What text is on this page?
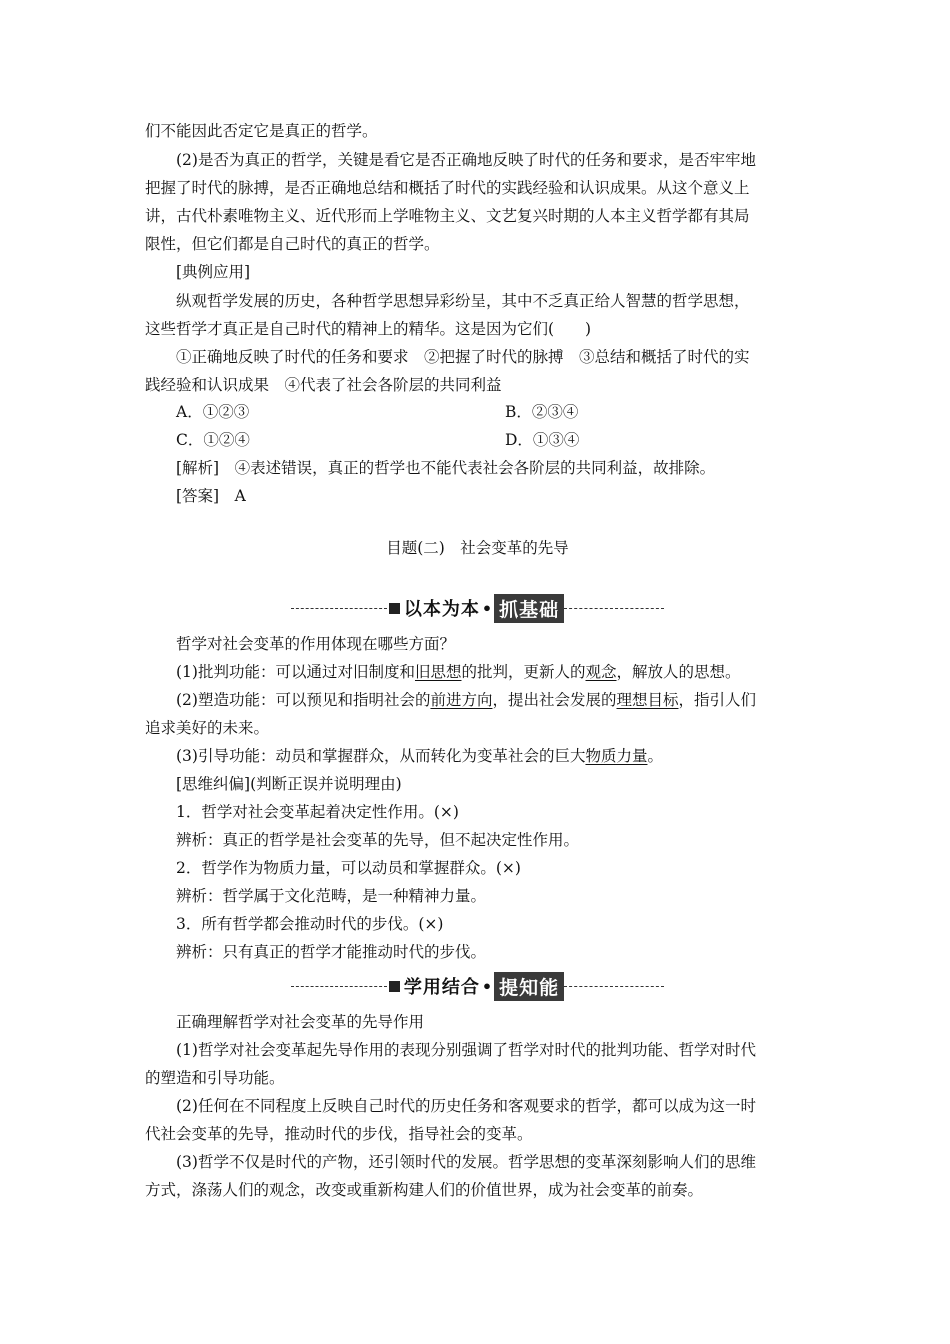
们不能因此否定它是真正的哲学。
(2)是否为真正的哲学，关键是看它是否正确地反映了时代的任务和要求，是否牢牢地
把握了时代的脉搏，是否正确地总结和概括了时代的实践经验和认识成果。从这个意义上
讲，古代朴素唯物主义、近代形而上学唯物主义、文艺复兴时期的人本主义哲学都有其局
限性，但它们都是自己时代的真正的哲学。
[典例应用]
纵观哲学发展的历史，各种哲学思想异彩纷呈，其中不乏真正给人智慧的哲学思想，
这些哲学才真正是自己时代的精神上的精华。这是因为它们(　　)
①正确地反映了时代的任务和要求　②把握了时代的脉搏　③总结和概括了时代的实
践经验和认识成果　④代表了社会各阶层的共同利益
A．①②③	B．②③④
C．①②④	D．①③④
[解析]　④表述错误，真正的哲学也不能代表社会各阶层的共同利益，故排除。
[答案]　A
目题(二)　社会变革的先导
以本为本 • 抓基础
哲学对社会变革的作用体现在哪些方面？
(1)批判功能：可以通过对旧制度和旧思想的批判，更新人的观念，解放人的思想。
(2)塑造功能：可以预见和指明社会的前进方向，提出社会发展的理想目标，指引人们
追求美好的未来。
(3)引导功能：动员和掌握群众，从而转化为变革社会的巨大物质力量。
[思维纠偏](判断正误并说明理由)
1．哲学对社会变革起着决定性作用。(×)
辨析：真正的哲学是社会变革的先导，但不起决定性作用。
2．哲学作为物质力量，可以动员和掌握群众。(×)
辨析：哲学属于文化范畴，是一种精神力量。
3．所有哲学都会推动时代的步伐。(×)
辨析：只有真正的哲学才能推动时代的步伐。
学用结合 • 提知能
正确理解哲学对社会变革的先导作用
(1)哲学对社会变革起先导作用的表现分别强调了哲学对时代的批判功能、哲学对时代
的塑造和引导功能。
(2)任何在不同程度上反映自己时代的历史任务和客观要求的哲学，都可以成为这一时
代社会变革的先导，推动时代的步伐，指导社会的变革。
(3)哲学不仅是时代的产物，还引领时代的发展。哲学思想的变革深刻影响人们的思维
方式，涤荡人们的观念，改变或重新构建人们的价值世界，成为社会变革的前奏。
